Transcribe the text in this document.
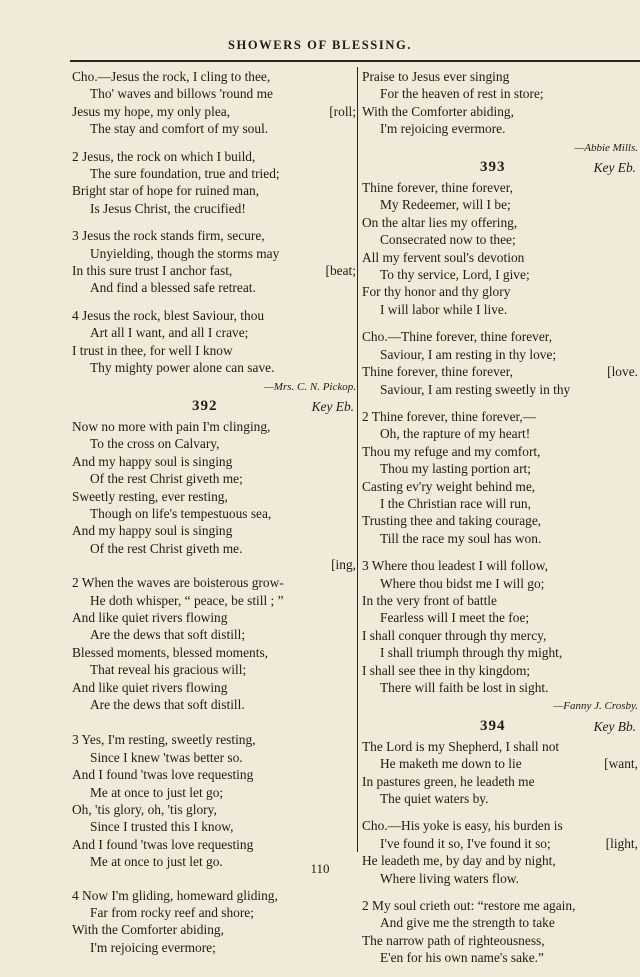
SHOWERS OF BLESSING.
Cho.—Jesus the rock, I cling to thee,
Tho' waves and billows 'round me
[roll;
Jesus my hope, my only plea,
The stay and comfort of my soul.
2 Jesus, the rock on which I build,
The sure foundation, true and tried;
Bright star of hope for ruined man,
Is Jesus Christ, the crucified!
3 Jesus the rock stands firm, secure,
Unyielding, though the storms may
[beat;
In this sure trust I anchor fast,
And find a blessed safe retreat.
4 Jesus the rock, blest Saviour, thou
Art all I want, and all I crave;
I trust in thee, for well I know
Thy mighty power alone can save.
—Mrs. C. N. Pickop.
392	Key Eb.
Now no more with pain I'm clinging,
To the cross on Calvary,
And my happy soul is singing
Of the rest Christ giveth me;
Sweetly resting, ever resting,
Though on life's tempestuous sea,
And my happy soul is singing
Of the rest Christ giveth me.
[ing,
2 When the waves are boisterous grow-
He doth whisper, “ peace, be still ; ”
And like quiet rivers flowing
Are the dews that soft distill;
Blessed moments, blessed moments,
That reveal his gracious will;
And like quiet rivers flowing
Are the dews that soft distill.
3 Yes, I'm resting, sweetly resting,
Since I knew 'twas better so.
And I found 'twas love requesting
Me at once to just let go;
Oh, 'tis glory, oh, 'tis glory,
Since I trusted this I know,
And I found 'twas love requesting
Me at once to just let go.
4 Now I'm gliding, homeward gliding,
Far from rocky reef and shore;
With the Comforter abiding,
I'm rejoicing evermore;
Praise to Jesus ever singing
For the heaven of rest in store;
With the Comforter abiding,
I'm rejoicing evermore.
—Abbie Mills.
393	Key Eb.
Thine forever, thine forever,
My Redeemer, will I be;
On the altar lies my offering,
Consecrated now to thee;
All my fervent soul's devotion
To thy service, Lord, I give;
For thy honor and thy glory
I will labor while I live.
Cho.—Thine forever, thine forever,
Saviour, I am resting in thy love;
[love.
Thine forever, thine forever,
Saviour, I am resting sweetly in thy
2 Thine forever, thine forever,—
Oh, the rapture of my heart!
Thou my refuge and my comfort,
Thou my lasting portion art;
Casting ev'ry weight behind me,
I the Christian race will run,
Trusting thee and taking courage,
Till the race my soul has won.
3 Where thou leadest I will follow,
Where thou bidst me I will go;
In the very front of battle
Fearless will I meet the foe;
I shall conquer through thy mercy,
I shall triumph through thy might,
I shall see thee in thy kingdom;
There will faith be lost in sight.
—Fanny J. Crosby.
394	Key Bb.
The Lord is my Shepherd, I shall not
[want,
He maketh me down to lie
In pastures green, he leadeth me
The quiet waters by.
Cho.—His yoke is easy, his burden is
[light,
I've found it so, I've found it so;
He leadeth me, by day and by night,
Where living waters flow.
2 My soul crieth out: “restore me again,
And give me the strength to take
The narrow path of righteousness,
E'en for his own name's sake.”
110
